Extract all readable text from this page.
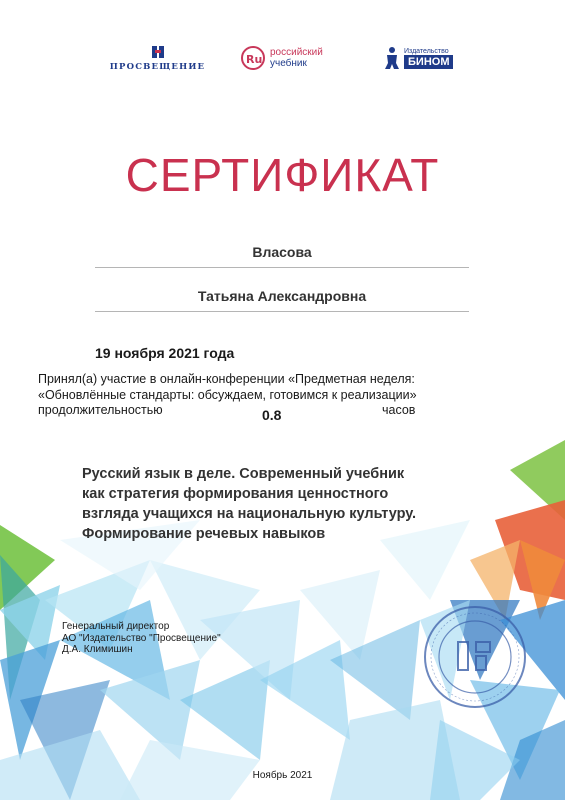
ПРОСВЕЩЕНИЕ
Ru
российский
учебник
Издательство
БИНОМ
СЕРТИФИКАТ
Власова
Татьяна Александровна
19 ноября 2021 года
Принял(а) участие в онлайн-конференции «Предметная неделя:
«Обновлённые стандарты: обсуждаем, готовимся к реализации»
продолжительностью	0.8	часов
Русский язык в деле. Современный учебник
как стратегия формирования ценностного
взгляда учащихся на национальную культуру.
Формирование речевых навыков
Генеральный директор
АО "Издательство "Просвещение"
Д.А. Климишин
Ноябрь 2021
